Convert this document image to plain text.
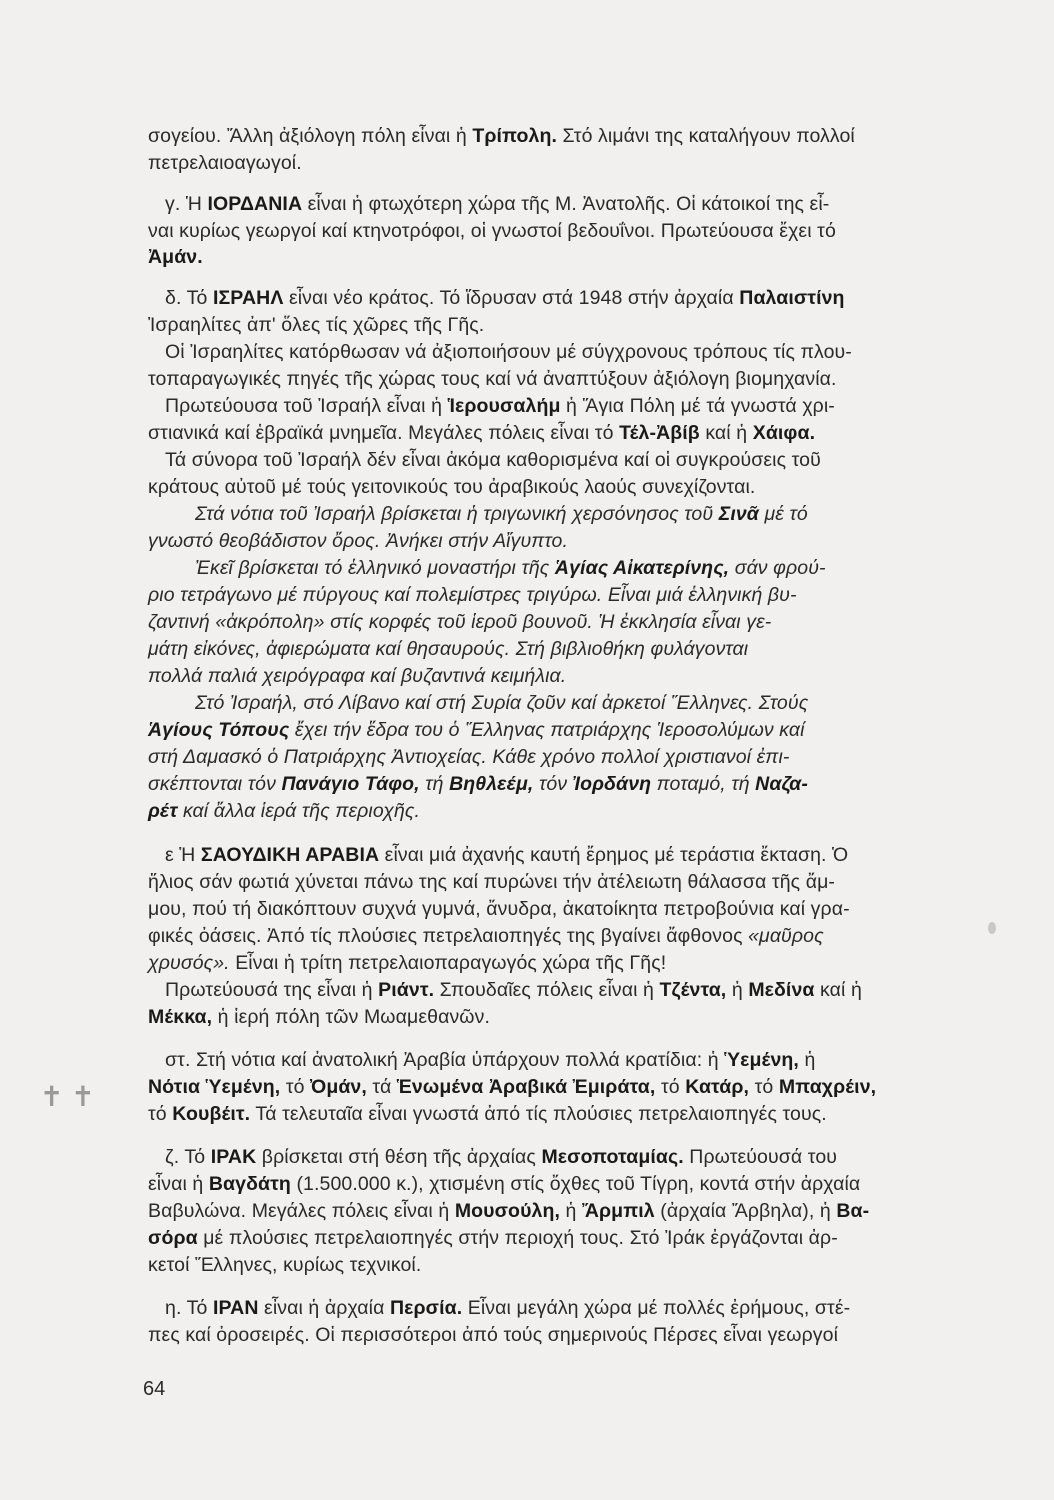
σογείου. Ἄλλη ἀξιόλογη πόλη εἶναι ἡ Τρίπολη. Στό λιμάνι της καταλήγουν πολλοί
πετρελαιοαγωγοί.
γ. Ἡ ΙΟΡΔΑΝΙΑ εἶναι ἡ φτωχότερη χώρα τῆς Μ. Ἀνατολῆς. Οἱ κάτοικοί της εἶ-
ναι κυρίως γεωργοί καί κτηνοτρόφοι, οἱ γνωστοί βεδουΐνοι. Πρωτεύουσα ἔχει τό
Ἀμάν.
δ. Τό ΙΣΡΑΗΛ εἶναι νέο κράτος. Τό ἵδρυσαν στά 1948 στήν ἀρχαία Παλαιστίνη
Ἰσραηλίτες ἀπ' ὅλες τίς χῶρες τῆς Γῆς.
Οἱ Ἰσραηλίτες κατόρθωσαν νά ἀξιοποιήσουν μέ σύγχρονους τρόπους τίς πλου-
τοπαραγωγικές πηγές τῆς χώρας τους καί νά ἀναπτύξουν ἀξιόλογη βιομηχανία.
Πρωτεύουσα τοῦ Ἰσραήλ εἶναι ἡ Ἱερουσαλήμ ἡ Ἅγια Πόλη μέ τά γνωστά χρι-
στιανικά καί ἑβραϊκά μνημεῖα. Μεγάλες πόλεις εἶναι τό Τέλ-Ἀβίβ καί ἡ Χάιφα.
Τά σύνορα τοῦ Ἰσραήλ δέν εἶναι ἀκόμα καθορισμένα καί οἱ συγκρούσεις τοῦ
κράτους αὐτοῦ μέ τούς γειτονικούς του ἀραβικούς λαούς συνεχίζονται.
Στά νότια τοῦ Ἰσραήλ βρίσκεται ἡ τριγωνική χερσόνησος τοῦ Σινᾶ μέ τό
γνωστό θεοβάδιστον ὄρος. Ἀνήκει στήν Αἴγυπτο.
Ἐκεῖ βρίσκεται τό ἑλληνικό μοναστήρι τῆς Ἁγίας Αἰκατερίνης, σάν φρού-
ριο τετράγωνο μέ πύργους καί πολεμίστρες τριγύρω. Εἶναι μιά ἑλληνική βυ-
ζαντινή «ἀκρόπολη» στίς κορφές τοῦ ἱεροῦ βουνοῦ. Ἡ ἐκκλησία εἶναι γε-
μάτη εἰκόνες, ἀφιερώματα καί θησαυρούς. Στή βιβλιοθήκη φυλάγονται
πολλά παλιά χειρόγραφα καί βυζαντινά κειμήλια.
Στό Ἰσραήλ, στό Λίβανο καί στή Συρία ζοῦν καί ἀρκετοί Ἕλληνες. Στούς
Ἁγίους Τόπους ἔχει τήν ἕδρα του ὁ Ἕλληνας πατριάρχης Ἱεροσολύμων καί
στή Δαμασκό ὁ Πατριάρχης Ἀντιοχείας. Κάθε χρόνο πολλοί χριστιανοί ἐπι-
σκέπτονται τόν Πανάγιο Τάφο, τή Βηθλεέμ, τόν Ἰορδάνη ποταμό, τή Ναζα-
ρέτ καί ἄλλα ἱερά τῆς περιοχῆς.
ε Ἡ ΣΑΟΥΔΙΚΗ ΑΡΑΒΙΑ εἶναι μιά ἀχανής καυτή ἔρημος μέ τεράστια ἔκταση. Ὁ
ἥλιος σάν φωτιά χύνεται πάνω της καί πυρώνει τήν ἀτέλειωτη θάλασσα τῆς ἄμ-
μου, πού τή διακόπτουν συχνά γυμνά, ἄνυδρα, ἀκατοίκητα πετροβούνια καί γρα-
φικές ὀάσεις. Ἀπό τίς πλούσιες πετρελαιοπηγές της βγαίνει ἄφθονος «μαῦρος
χρυσός». Εἶναι ἡ τρίτη πετρελαιοπαραγωγός χώρα τῆς Γῆς!
Πρωτεύουσά της εἶναι ἡ Ριάντ. Σπουδαῖες πόλεις εἶναι ἡ Τζέντα, ἡ Μεδίνα καί ἡ
Μέκκα, ἡ ἱερή πόλη τῶν Μωαμεθανῶν.
στ. Στή νότια καί ἀνατολική Ἀραβία ὑπάρχουν πολλά κρατίδια: ἡ Ὑεμένη, ἡ
Νότια Ὑεμένη, τό Ὀμάν, τά Ἑνωμένα Ἀραβικά Ἐμιράτα, τό Κατάρ, τό Μπαχρέιν,
τό Κουβέιτ. Τά τελευταῖα εἶναι γνωστά ἀπό τίς πλούσιες πετρελαιοπηγές τους.
ζ. Τό ΙΡΑΚ βρίσκεται στή θέση τῆς ἀρχαίας Μεσοποταμίας. Πρωτεύουσά του
εἶναι ἡ Βαγδάτη (1.500.000 κ.), χτισμένη στίς ὄχθες τοῦ Τίγρη, κοντά στήν ἀρχαία
Βαβυλώνα. Μεγάλες πόλεις εἶναι ἡ Μουσούλη, ἡ Ἄρμπιλ (ἀρχαία Ἄρβηλα), ἡ Βα-
σόρα μέ πλούσιες πετρελαιοπηγές στήν περιοχή τους. Στό Ἰράκ ἐργάζονται ἀρ-
κετοί Ἕλληνες, κυρίως τεχνικοί.
η. Τό ΙΡΑΝ εἶναι ἡ ἀρχαία Περσία. Εἶναι μεγάλη χώρα μέ πολλές ἐρήμους, στέ-
πες καί ὀροσειρές. Οἱ περισσότεροι ἀπό τούς σημερινούς Πέρσες εἶναι γεωργοί
64
✝ ✝
